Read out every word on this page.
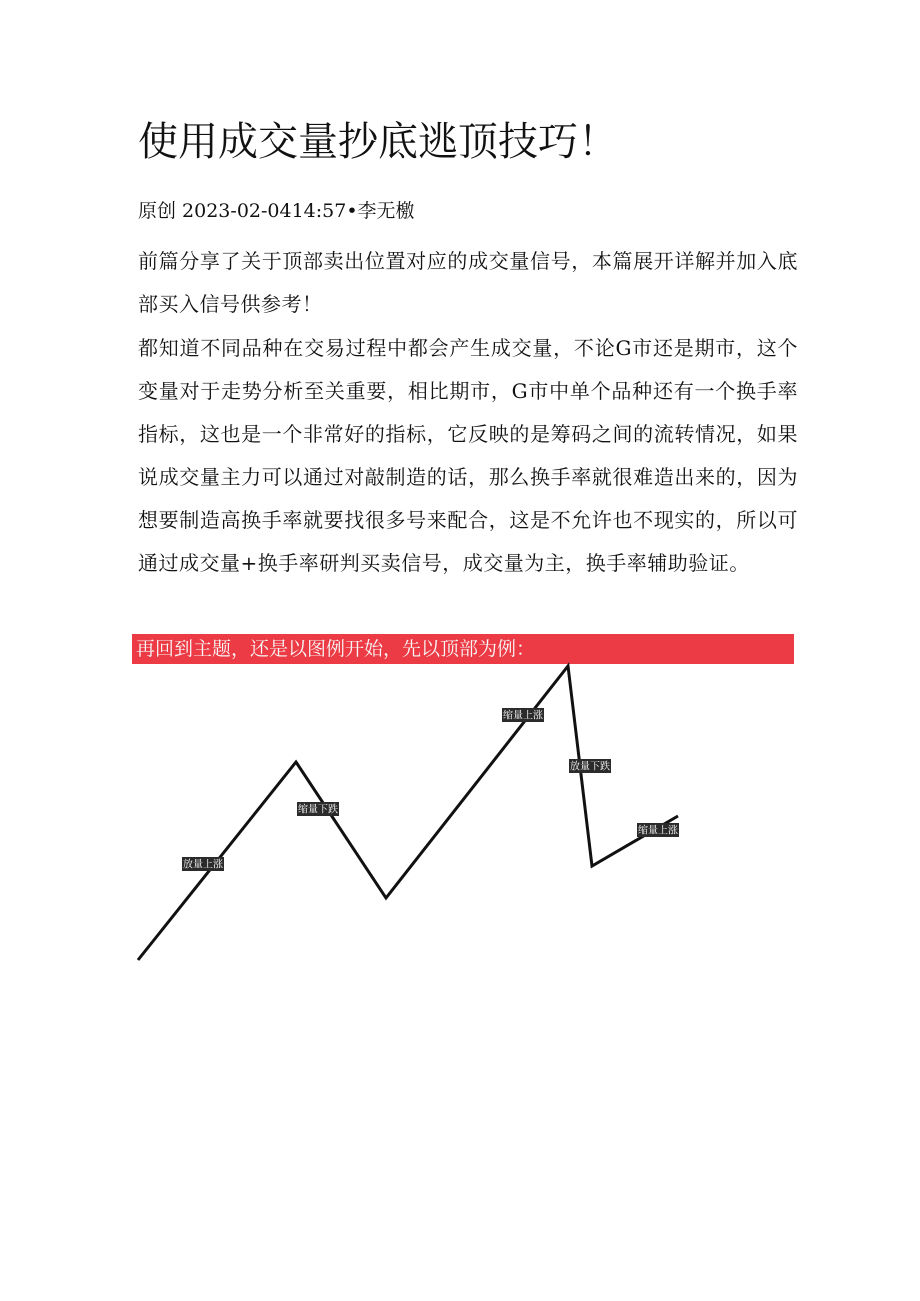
使用成交量抄底逃顶技巧！
原创 2023-02-0414:57•李无檄

前篇分享了关于顶部卖出位置对应的成交量信号，本篇展开详解并加入底部买入信号供参考！

都知道不同品种在交易过程中都会产生成交量，不论G市还是期市，这个变量对于走势分析至关重要，相比期市，G市中单个品种还有一个换手率指标，这也是一个非常好的指标，它反映的是筹码之间的流转情况，如果说成交量主力可以通过对敲制造的话，那么换手率就很难造出来的，因为想要制造高换手率就要找很多号来配合，这是不允许也不现实的，所以可通过成交量+换手率研判买卖信号，成交量为主，换手率辅助验证。

再回到主题，还是以图例开始，先以顶部为例：
放量上涨
缩量下跌
缩量上涨
放量下跌
缩量上涨
